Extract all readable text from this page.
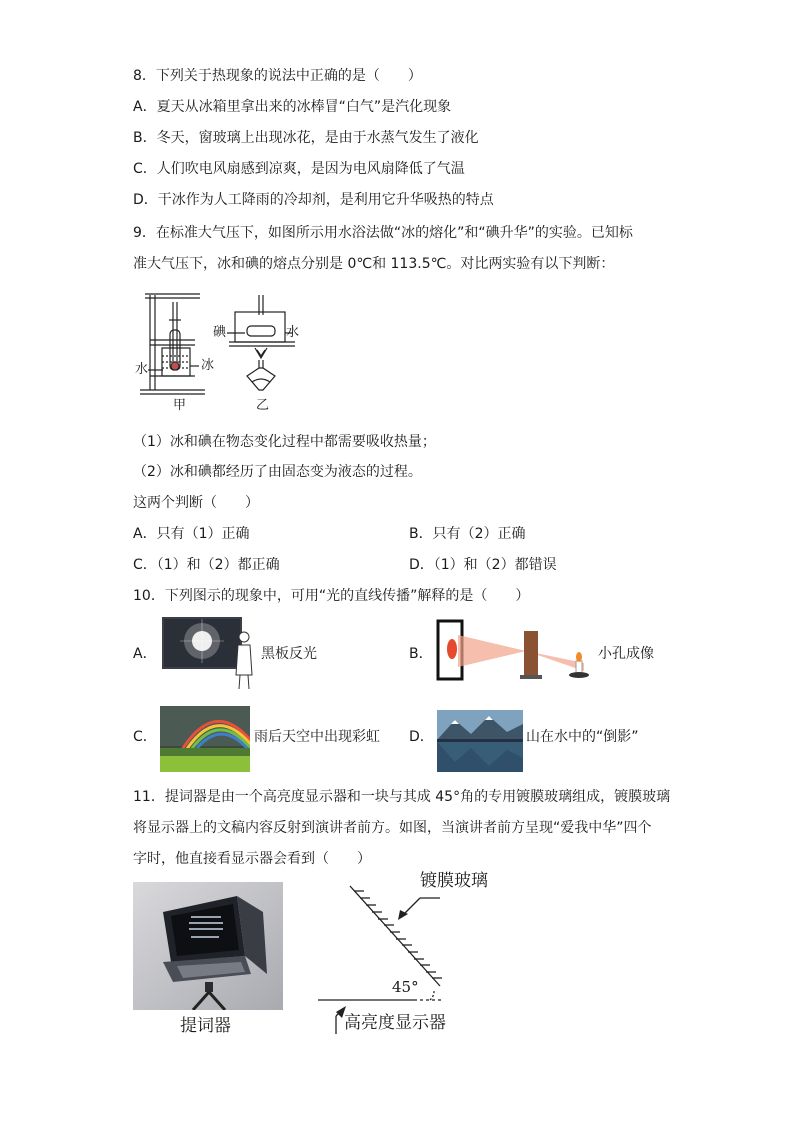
8．下列关于热现象的说法中正确的是（　　）
A．夏天从冰箱里拿出来的冰棒冒“白气”是汽化现象
B．冬天，窗玻璃上出现冰花，是由于水蒸气发生了液化
C．人们吹电风扇感到凉爽，是因为电风扇降低了气温
D．干冰作为人工降雨的冷却剂，是利用它升华吸热的特点
9．在标准大气压下，如图所示用水浴法做“冰的熔化”和“碘升华”的实验。已知标
准大气压下，冰和碘的熔点分别是 0℃和 113.5℃。对比两实验有以下判断：
水	冰
甲
碘	水
乙
（1）冰和碘在物态变化过程中都需要吸收热量；
（2）冰和碘都经历了由固态变为液态的过程。
这两个判断（　　）
A．只有（1）正确	B．只有（2）正确
C．（1）和（2）都正确	D．（1）和（2）都错误
10．下列图示的现象中，可用“光的直线传播”解释的是（　　）
A．	黑板反光	B．	小孔成像
C．	雨后天空中出现彩虹 D．	山在水中的“倒影”
11．提词器是由一个高亮度显示器和一块与其成 45°角的专用镀膜玻璃组成，镀膜玻璃
将显示器上的文稿内容反射到演讲者前方。如图，当演讲者前方呈现“爱我中华”四个
字时，他直接看显示器会看到（　　）
提词器
镀膜玻璃
45°
高亮度显示器
